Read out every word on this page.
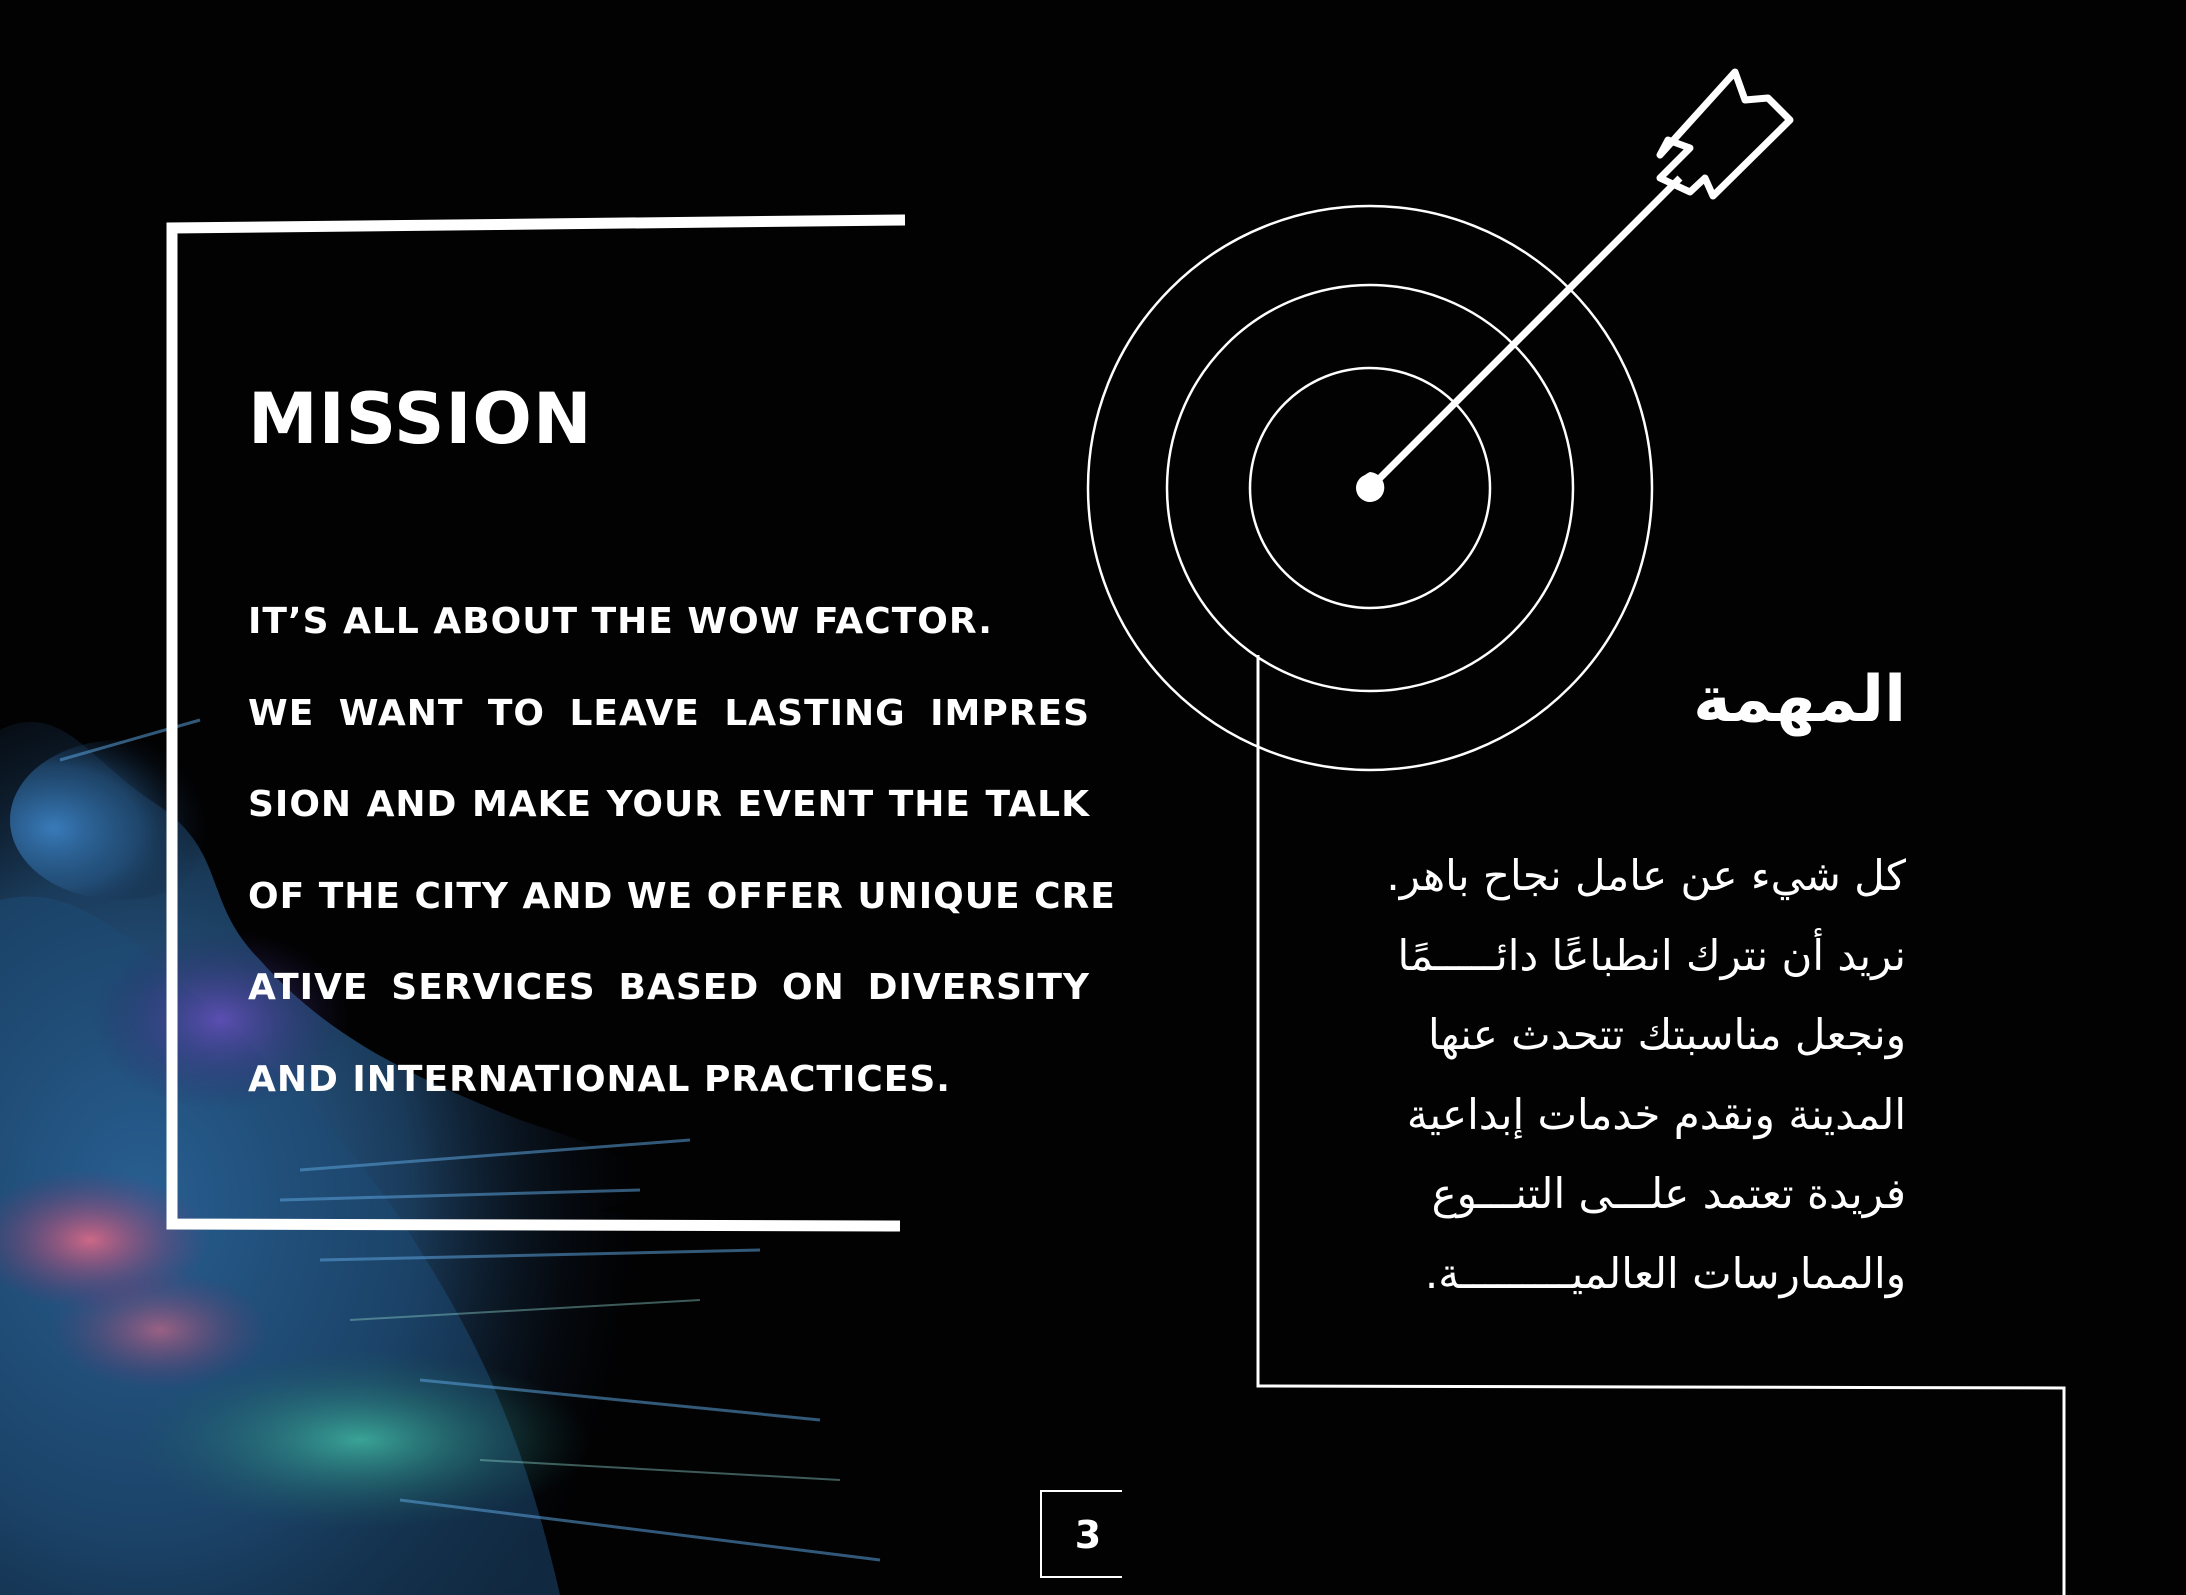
MISSION
IT’S ALL ABOUT THE WOW FACTOR.
WE WANT TO LEAVE LASTING IMPRES
SION AND MAKE YOUR EVENT THE TALK
OF THE CITY AND WE OFFER UNIQUE CRE
ATIVE SERVICES BASED ON DIVERSITY
AND INTERNATIONAL PRACTICES.
المهمة
كل شيء عن عامل نجاح باهر.
نريد أن نترك انطباعًا دائـــــمًا
ونجعل مناسبتك تتحدث عنها
المدينة ونقدم خدمات إبداعية
فريدة تعتمد علـــى التنـــوع
والممارسات العالميـــــــــة.
3
